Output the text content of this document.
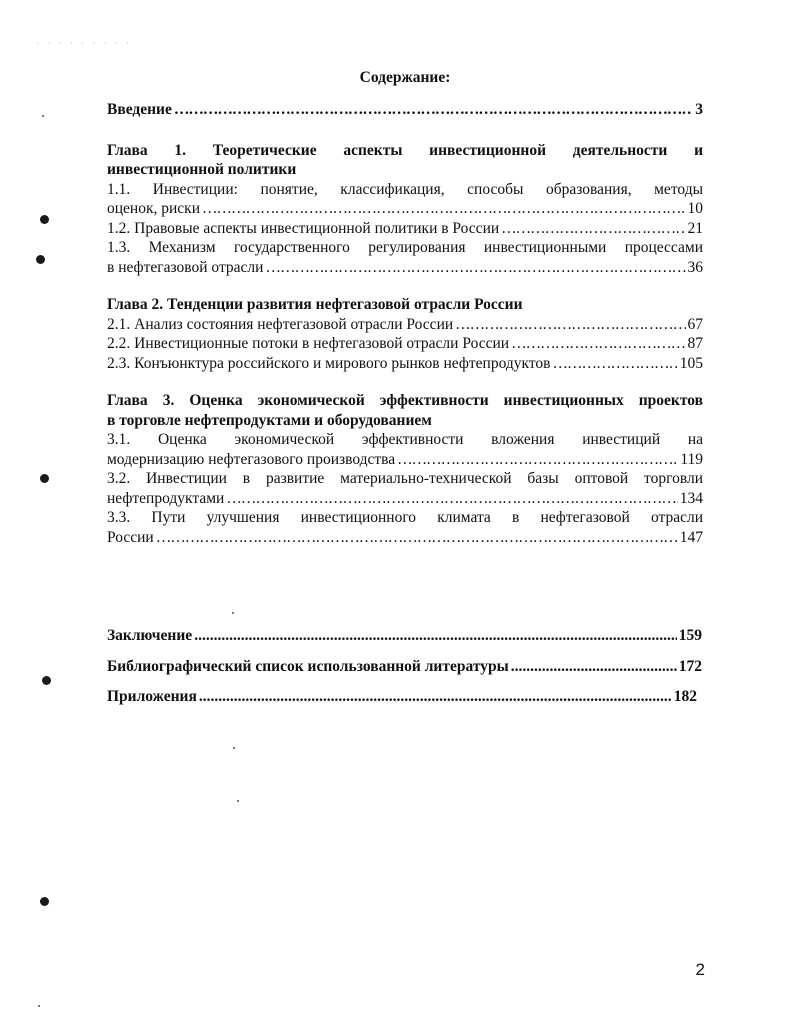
· · · · · · · · ·
Содержание:
Введение ……………………………………………………………………………………………………………………………………………………………………………………	3
Глава 1. Теоретические аспекты инвестиционной деятельности и
инвестиционной политики
1.1. Инвестиции: понятие, классификация, способы образования, методы
оценок, риски ……………………………………………………………………………………………………………………………………………………………………………………	10
1.2. Правовые аспекты инвестиционной политики в России ……………………………………………………………………………………………………………………………………………………………………………………	21
1.3. Механизм государственного регулирования инвестиционными процессами
в нефтегазовой отрасли ……………………………………………………………………………………………………………………………………………………………………………………	36
Глава 2. Тенденции развития нефтегазовой отрасли России
2.1. Анализ состояния нефтегазовой отрасли России ……………………………………………………………………………………………………………………………………………………………………………………	67
2.2. Инвестиционные потоки в нефтегазовой отрасли России ……………………………………………………………………………………………………………………………………………………………………………………	87
2.3. Конъюнктура российского и мирового рынков нефтепродуктов ……………………………………………………………………………………………………………………………………………………………………………………	105
Глава 3. Оценка экономической эффективности инвестиционных проектов
в торговле нефтепродуктами и оборудованием
3.1. Оценка экономической эффективности вложения инвестиций на
модернизацию нефтегазового производства ……………………………………………………………………………………………………………………………………………………………………………………	119
3.2. Инвестиции в развитие материально-технической базы оптовой торговли
нефтепродуктами ……………………………………………………………………………………………………………………………………………………………………………………	134
3.3. Пути улучшения инвестиционного климата в нефтегазовой отрасли
России ……………………………………………………………………………………………………………………………………………………………………………………	147
Заключение .....	159
Библиографический список использованной литературы .....	172
Приложения .....	182
2
